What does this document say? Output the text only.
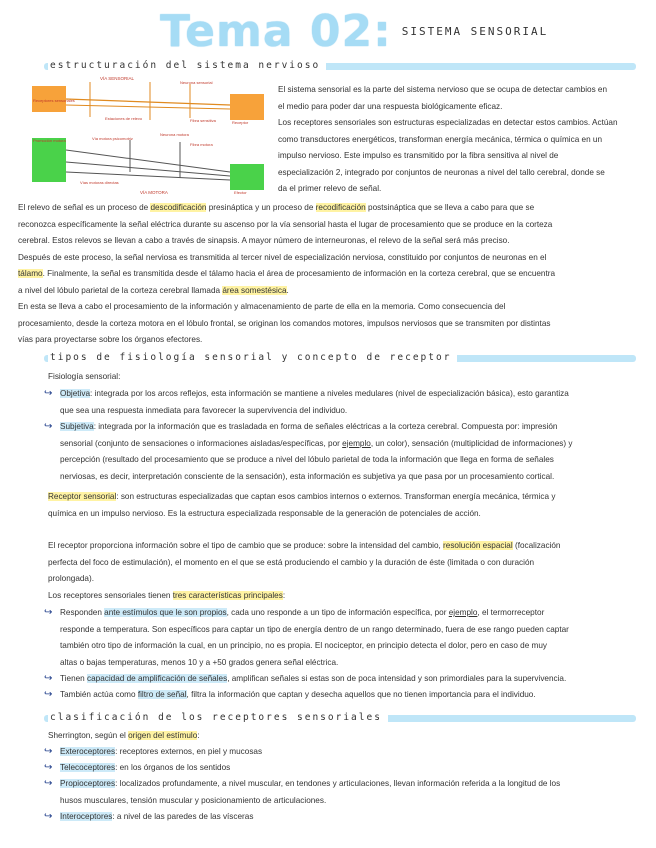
Tema 02: SISTEMA SENSORIAL
estructuración del sistema nervioso
VÍA SENSORIAL
Neurona sensorial
Receptores sensoriales
Estaciones de relevo	Fibra sensitiva	Receptor
Promoción motora	Vía motora psicomotriz
Neurona motora
Fibra motora
Vías motoras directas
VÍA MOTORA	Efector
El sistema sensorial es la parte del sistema nervioso que se ocupa de detectar cambios en
el medio para poder dar una respuesta biológicamente eficaz.
Los receptores sensoriales son estructuras especializadas en detectar estos cambios. Actúan
como transductores energéticos, transforman energía mecánica, térmica o química en un
impulso nervioso. Este impulso es transmitido por la fibra sensitiva al nivel de
especialización 2, integrado por conjuntos de neuronas a nivel del tallo cerebral, donde se
da el primer relevo de señal.
El relevo de señal es un proceso de descodificación presináptica y un proceso de recodificación postsináptica que se lleva a cabo para que se
reconozca específicamente la señal eléctrica durante su ascenso por la vía sensorial hasta el lugar de procesamiento que se produce en la corteza
cerebral. Estos relevos se llevan a cabo a través de sinapsis. A mayor número de interneuronas, el relevo de la señal será más preciso.
Después de este proceso, la señal nerviosa es transmitida al tercer nivel de especialización nerviosa, constituido por conjuntos de neuronas en el
tálamo. Finalmente, la señal es transmitida desde el tálamo hacia el área de procesamiento de información en la corteza cerebral, que se encuentra
a nivel del lóbulo parietal de la corteza cerebral llamada área somestésica.
En esta se lleva a cabo el procesamiento de la información y almacenamiento de parte de ella en la memoria. Como consecuencia del
procesamiento, desde la corteza motora en el lóbulo frontal, se originan los comandos motores, impulsos nerviosos que se transmiten por distintas
vías para proyectarse sobre los órganos efectores.
tipos de fisiología sensorial y concepto de receptor
Fisiología sensorial:
↪ Objetiva: integrada por los arcos reflejos, esta información se mantiene a niveles medulares (nivel de especialización básica), esto garantiza
que sea una respuesta inmediata para favorecer la supervivencia del individuo.
↪ Subjetiva: integrada por la información que es trasladada en forma de señales eléctricas a la corteza cerebral. Compuesta por: impresión
sensorial (conjunto de sensaciones o informaciones aisladas/específicas, por ejemplo, un color), sensación (multiplicidad de informaciones) y
percepción (resultado del procesamiento que se produce a nivel del lóbulo parietal de toda la información que llega en forma de señales
nerviosas, es decir, interpretación consciente de la sensación), esta información es subjetiva ya que pasa por un procesamiento cortical.
Receptor sensorial: son estructuras especializadas que captan esos cambios internos o externos. Transforman energía mecánica, térmica y
química en un impulso nervioso. Es la estructura especializada responsable de la generación de potenciales de acción.
El receptor proporciona información sobre el tipo de cambio que se produce: sobre la intensidad del cambio, resolución espacial (focalización
perfecta del foco de estimulación), el momento en el que se está produciendo el cambio y la duración de éste (limitada o con duración
prolongada).
Los receptores sensoriales tienen tres características principales:
↪ Responden ante estímulos que le son propios, cada uno responde a un tipo de información específica, por ejemplo, el termorreceptor
responde a temperatura. Son específicos para captar un tipo de energía dentro de un rango determinado, fuera de ese rango pueden captar
también otro tipo de información la cual, en un principio, no es propia. El nociceptor, en principio detecta el dolor, pero en caso de muy
altas o bajas temperaturas, menos 10 y a +50 grados genera señal eléctrica.
↪ Tienen capacidad de amplificación de señales, amplifican señales si estas son de poca intensidad y son primordiales para la supervivencia.
↪ También actúa como filtro de señal, filtra la información que captan y desecha aquellos que no tienen importancia para el individuo.
clasificación de los receptores sensoriales
Sherrington, según el origen del estímulo:
↪ Exteroceptores: receptores externos, en piel y mucosas
↪ Telecoceptores: en los órganos de los sentidos
↪ Propioceptores: localizados profundamente, a nivel muscular, en tendones y articulaciones, llevan información referida a la longitud de los
husos musculares, tensión muscular y posicionamiento de articulaciones.
↪ Interoceptores: a nivel de las paredes de las vísceras
